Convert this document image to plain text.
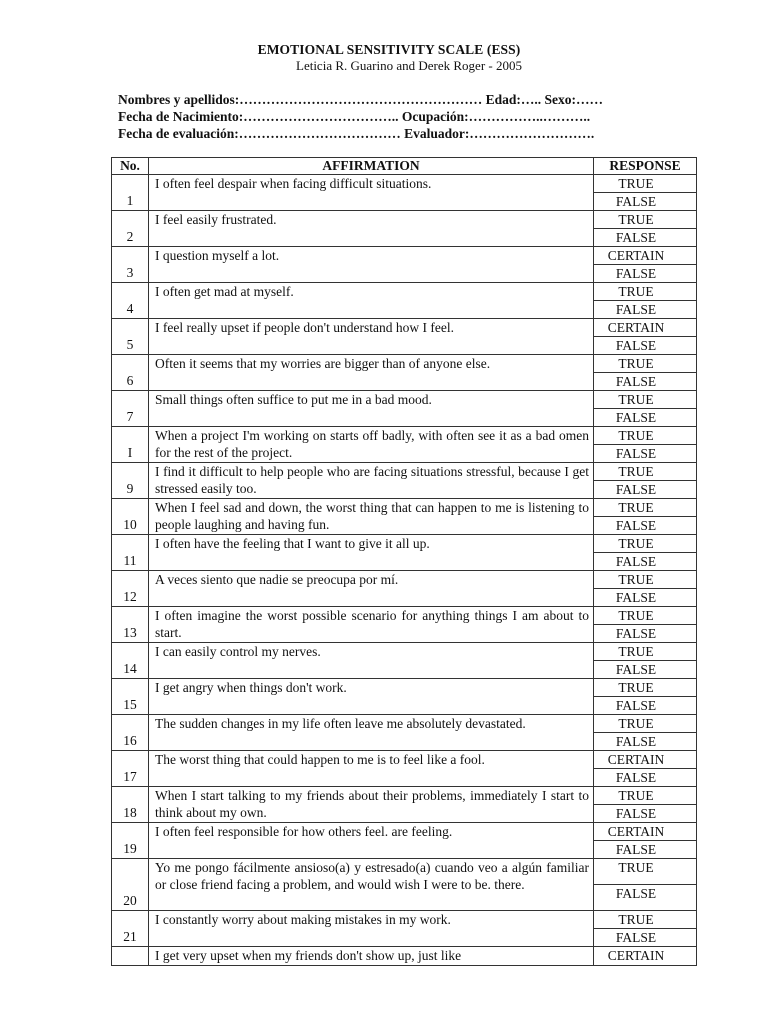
EMOTIONAL SENSITIVITY SCALE (ESS)
Leticia R. Guarino and Derek Roger - 2005
Nombres y apellidos:……………………………………………… Edad:….. Sexo:……
Fecha de Nacimiento:…………………………….. Ocupación:……………..………..
Fecha de evaluación:……………………………… Evaluador:……………………….
No.	AFFIRMATION	RESPONSE
1	I often feel despair when facing difficult situations.	TRUE
FALSE

2	I feel easily frustrated.	TRUE
FALSE

3	I question myself a lot.	CERTAIN
FALSE

4	I often get mad at myself.	TRUE
FALSE

5	I feel really upset if people don't understand how I feel.	CERTAIN
FALSE

6	Often it seems that my worries are bigger than of anyone else.	TRUE
FALSE

7	Small things often suffice to put me in a bad mood.	TRUE
FALSE

I	When a project I'm working on starts off badly, with often see it as a bad omen for the rest of the project.	TRUE
FALSE

9	I find it difficult to help people who are facing situations stressful, because I get stressed easily too.	TRUE
FALSE

10	When I feel sad and down, the worst thing that can happen to me is listening to people laughing and having fun.	TRUE
FALSE

11	I often have the feeling that I want to give it all up.	TRUE
FALSE

12	A veces siento que nadie se preocupa por mí.	TRUE
FALSE

13	I often imagine the worst possible scenario for anything things I am about to start.	TRUE
FALSE

14	I can easily control my nerves.	TRUE
FALSE

15	I get angry when things don't work.	TRUE
FALSE

16	The sudden changes in my life often leave me absolutely devastated.	TRUE
FALSE

17	The worst thing that could happen to me is to feel like a fool.	CERTAIN
FALSE

18	When I start talking to my friends about their problems, immediately I start to think about my own.	TRUE
FALSE

19	I often feel responsible for how others feel. are feeling.	CERTAIN
FALSE

20	Yo me pongo fácilmente ansioso(a) y estresado(a) cuando veo a algún familiar or close friend facing a problem, and would wish I were to be. there.	TRUE
FALSE

21	I constantly worry about making mistakes in my work.	TRUE
FALSE

	I get very upset when my friends don't show up, just like	CERTAIN
